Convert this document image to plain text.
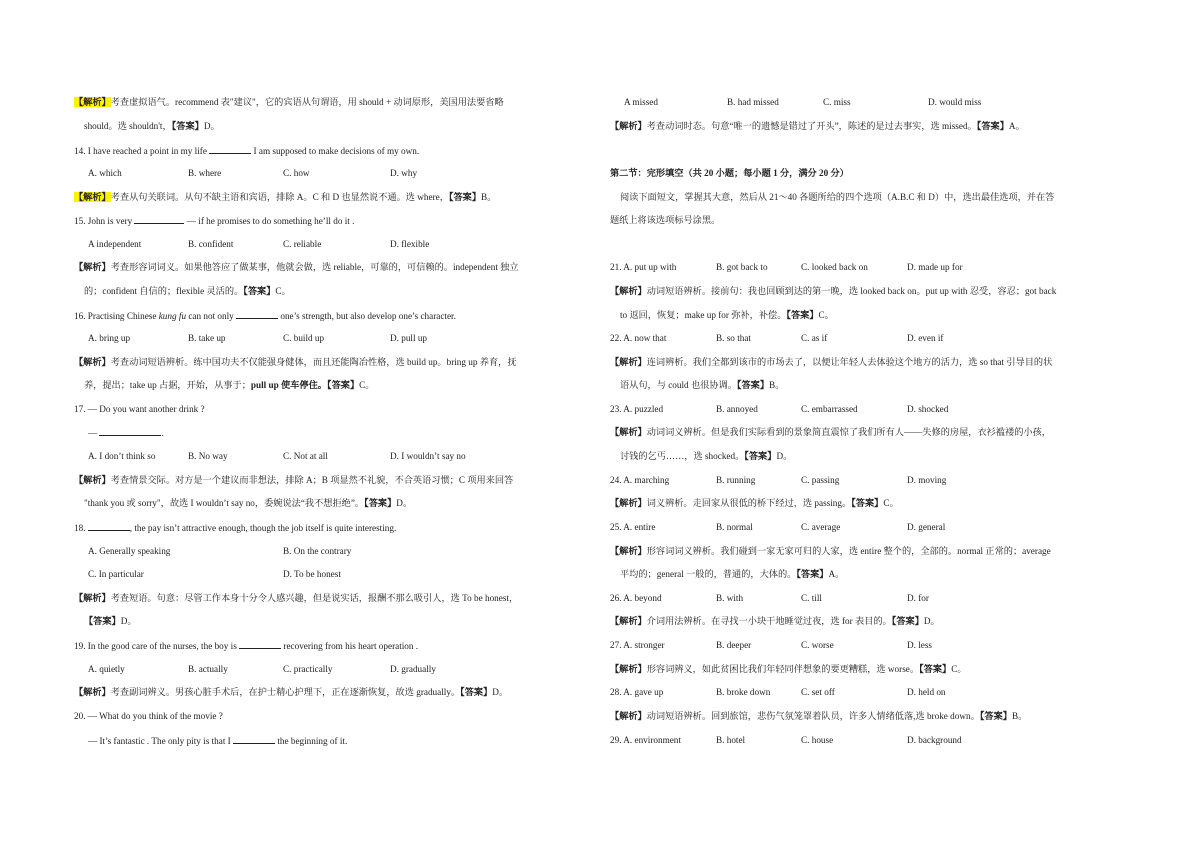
【解析】考查虚拟语气。recommend 表"建议"，它的宾语从句谓语，用 should + 动词原形，美国用法要省略
should。选 shouldn't，【答案】D。
14. I have reached a point in my life	I am supposed to make decisions of my own.
A. which	B. where	C. how	D. why
【解析】考查从句关联词。从句不缺主语和宾语，排除 A。C 和 D 也显然说不通。选 where，【答案】B。
15. John is very	— if he promises to do something he’ll do it .
A independent	B. confident	C. reliable	D. flexible
【解析】考查形容词词义。如果他答应了做某事，他就会做，选 reliable，可靠的，可信赖的。independent 独立
的；confident 自信的；flexible 灵活的。【答案】C。
16. Practising Chinese kung fu can not only	one’s strength, but also develop one’s character.
A. bring up	B. take up	C. build up	D. pull up
【解析】考查动词短语辨析。练中国功夫不仅能强身健体，而且还能陶冶性格，选 build up。bring up 养育，抚
养，提出；take up 占据，开始，从事于；pull up 使车停住。【答案】C。
17. — Do you want another drink ?
—	.
A. I don’t think so	B. No way	C. Not at all	D. I wouldn’t say no
【解析】考查情景交际。对方是一个建议而非想法，排除 A；B 项显然不礼貌，不合英语习惯；C 项用来回答
"thank you 或 sorry"，故选 I wouldn’t say no，委婉说法“我不想拒绝”。【答案】D。
18.	, the pay isn’t attractive enough, though the job itself is quite interesting.
A. Generally speaking	B. On the contrary
C. In particular	D. To be honest
【解析】考查短语。句意：尽管工作本身十分令人感兴趣，但是说实话，报酬不那么吸引人，选 To be honest，
【答案】D。
19. In the good care of the nurses, the boy is	recovering from his heart operation .
A. quietly	B. actually	C. practically	D. gradually
【解析】考查副词辨义。男孩心脏手术后，在护士精心护理下，正在逐渐恢复，故选 gradually。【答案】D。
20. — What do you think of the movie ?
— It’s fantastic . The only pity is that I	the beginning of it.
A missed	B. had missed	C. miss	D. would miss
【解析】考查动词时态。句意“唯一的遗憾是错过了开头”，陈述的是过去事实，选 missed。【答案】A。
第二节：完形填空（共 20 小题；每小题 1 分，满分 20 分）
阅读下面短文，掌握其大意，然后从 21～40 各题所给的四个选项（A.B.C 和 D）中，选出最佳选项，并在答
题纸上将该选项标号涂黑。
21. A. put up with	B. got back to	C. looked back on	D. made up for
【解析】动词短语辨析。接前句：我也回顾到达的第一晚，选 looked back on。put up with 忍受，容忍；got back
to 返回，恢复；make up for 弥补，补偿。【答案】C。
22. A. now that	B. so that	C. as if	D. even if
【解析】连词辨析。我们全都到该市的市场去了，以便让年轻人去体验这个地方的活力，选 so that 引导目的状
语从句，与 could 也很协调。【答案】B。
23. A. puzzled	B. annoyed	C. embarrassed	D. shocked
【解析】动词词义辨析。但是我们实际看到的景象简直震惊了我们所有人——失修的房屋，衣衫褴褛的小孩，
讨钱的乞丐……，选 shocked。【答案】D。
24. A. marching	B. running	C. passing	D. moving
【解析】词义辨析。走回家从很低的桥下经过，选 passing。【答案】C。
25. A. entire	B. normal	C. average	D. general
【解析】形容词词义辨析。我们碰到一家无家可归的人家，选 entire 整个的，全部的。normal 正常的；average
平均的；general 一般的，普通的，大体的。【答案】A。
26. A. beyond	B. with	C. till	D. for
【解析】介词用法辨析。在寻找一小块干地睡觉过夜，选 for 表目的。【答案】D。
27. A. stronger	B. deeper	C. worse	D. less
【解析】形容词辨义，如此贫困比我们年轻同伴想象的要更糟糕，选 worse。【答案】C。
28. A. gave up	B. broke down	C. set off	D. held on
【解析】动词短语辨析。回到旅馆，悲伤气氛笼罩着队员，许多人情绪低落,选 broke down。【答案】B。
29. A. environment	B. hotel	C. house	D. background
